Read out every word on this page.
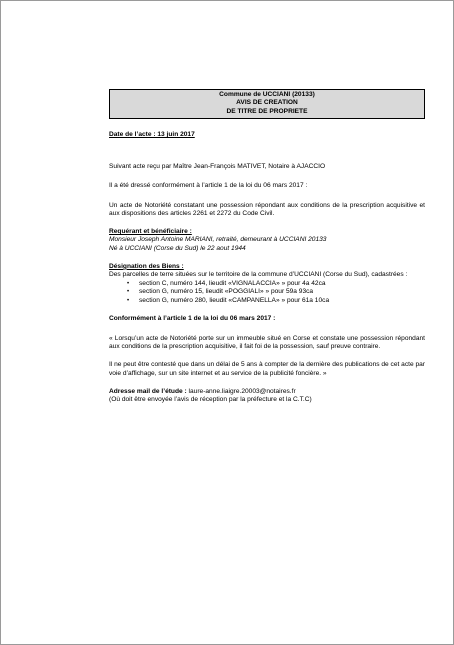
Commune de UCCIANI (20133)
AVIS DE CREATION
DE TITRE DE PROPRIETE

Date de l’acte : 13 juin 2017

Suivant acte reçu par Maître Jean-François MATIVET, Notaire à AJACCIO

Il a été dressé conformément à l’article 1 de la loi du 06 mars 2017 :

Un acte de Notoriété constatant une possession répondant aux conditions de la prescription acquisitive et aux dispositions des articles 2261 et 2272 du Code Civil.

Requérant et bénéficiaire :

Monsieur Joseph Antoine MARIANI, retraité, demeurant à UCCIANI 20133

Né à UCCIANI (Corse du Sud) le 22 aout 1944

Désignation des Biens :

Des parcelles de terre situées sur le territoire de la commune d’UCCIANI (Corse du Sud), cadastrées :

• section C, numéro 144, lieudit «VIGNALACCIA» » pour 4a 42ca
• section G, numéro 15, lieudit «POGGIALI» » pour 59a 93ca
• section G, numéro 280, lieudit «CAMPANELLA» » pour 61a 10ca

Conformément à l’article 1 de la loi du 06 mars 2017 :

« Lorsqu’un acte de Notoriété porte sur un immeuble situé en Corse et constate une possession répondant aux conditions de la prescription acquisitive, il fait foi de la possession, sauf preuve contraire.

Il ne peut être contesté que dans un délai de 5 ans à compter de la dernière des publications de cet acte par voie d’affichage, sur un site internet et au service de la publicité foncière. »

Adresse mail de l’étude : laure-anne.liaigre.20003@notaires.fr

(Où doit être envoyée l’avis de réception par la préfecture et la C.T.C)
